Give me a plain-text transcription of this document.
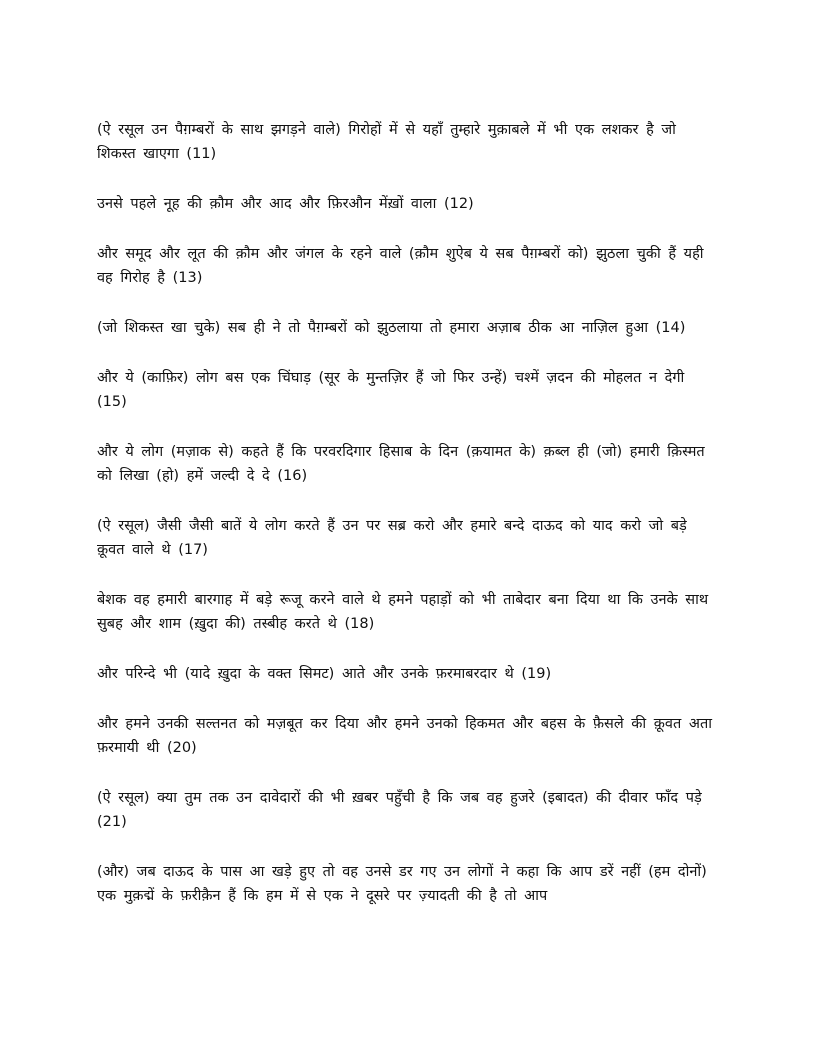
(ऐ रसूल उन पैग़म्बरों के साथ झगड़ने वाले) गिरोहों में से यहाँ तुम्हारे मुक़ाबले में भी एक लशकर है जो शिकस्त खाएगा (11)

उनसे पहले नूह की क़ौम और आद और फ़िरऔन मेंख़ों वाला (12)

और समूद और लूत की क़ौम और जंगल के रहने वाले (क़ौम शुऐब ये सब पैग़म्बरों को) झुठला चुकी हैं यही वह गिरोह है (13)

(जो शिकस्त खा चुके) सब ही ने तो पैग़म्बरों को झुठलाया तो हमारा अज़ाब ठीक आ नाज़िल हुआ (14)

और ये (काफ़िर) लोग बस एक चिंघाड़ (सूर के मुन्तज़िर हैं जो फिर उन्हें) चश्में ज़दन की मोहलत न देगी (15)

और ये लोग (मज़ाक से) कहते हैं कि परवरदिगार हिसाब के दिन (क़यामत के) क़ब्ल ही (जो) हमारी क़िस्मत को लिखा (हो) हमें जल्दी दे दे (16)

(ऐ रसूल) जैसी जैसी बातें ये लोग करते हैं उन पर सब्र करो और हमारे बन्दे दाऊद को याद करो जो बड़े क़ूवत वाले थे (17)

बेशक वह हमारी बारगाह में बड़े रूजू करने वाले थे हमने पहाड़ों को भी ताबेदार बना दिया था कि उनके साथ सुबह और शाम (ख़ुदा की) तस्बीह करते थे (18)

और परिन्दे भी (यादे ख़ुदा के वक्त सिमट) आते और उनके फ़रमाबरदार थे (19)

और हमने उनकी सल्तनत को मज़बूत कर दिया और हमने उनको हिकमत और बहस के फ़ैसले की क़ूवत अता फ़रमायी थी (20)

(ऐ रसूल) क्या तुम तक उन दावेदारों की भी ख़बर पहुँची है कि जब वह हुजरे (इबादत) की दीवार फाँद पड़े (21)

(और) जब दाऊद के पास आ खड़े हुए तो वह उनसे डर गए उन लोगों ने कहा कि आप डरें नहीं (हम दोनों) एक मुक़द्में के फ़रीक़ैन हैं कि हम में से एक ने दूसरे पर ज़्यादती की है तो आप
